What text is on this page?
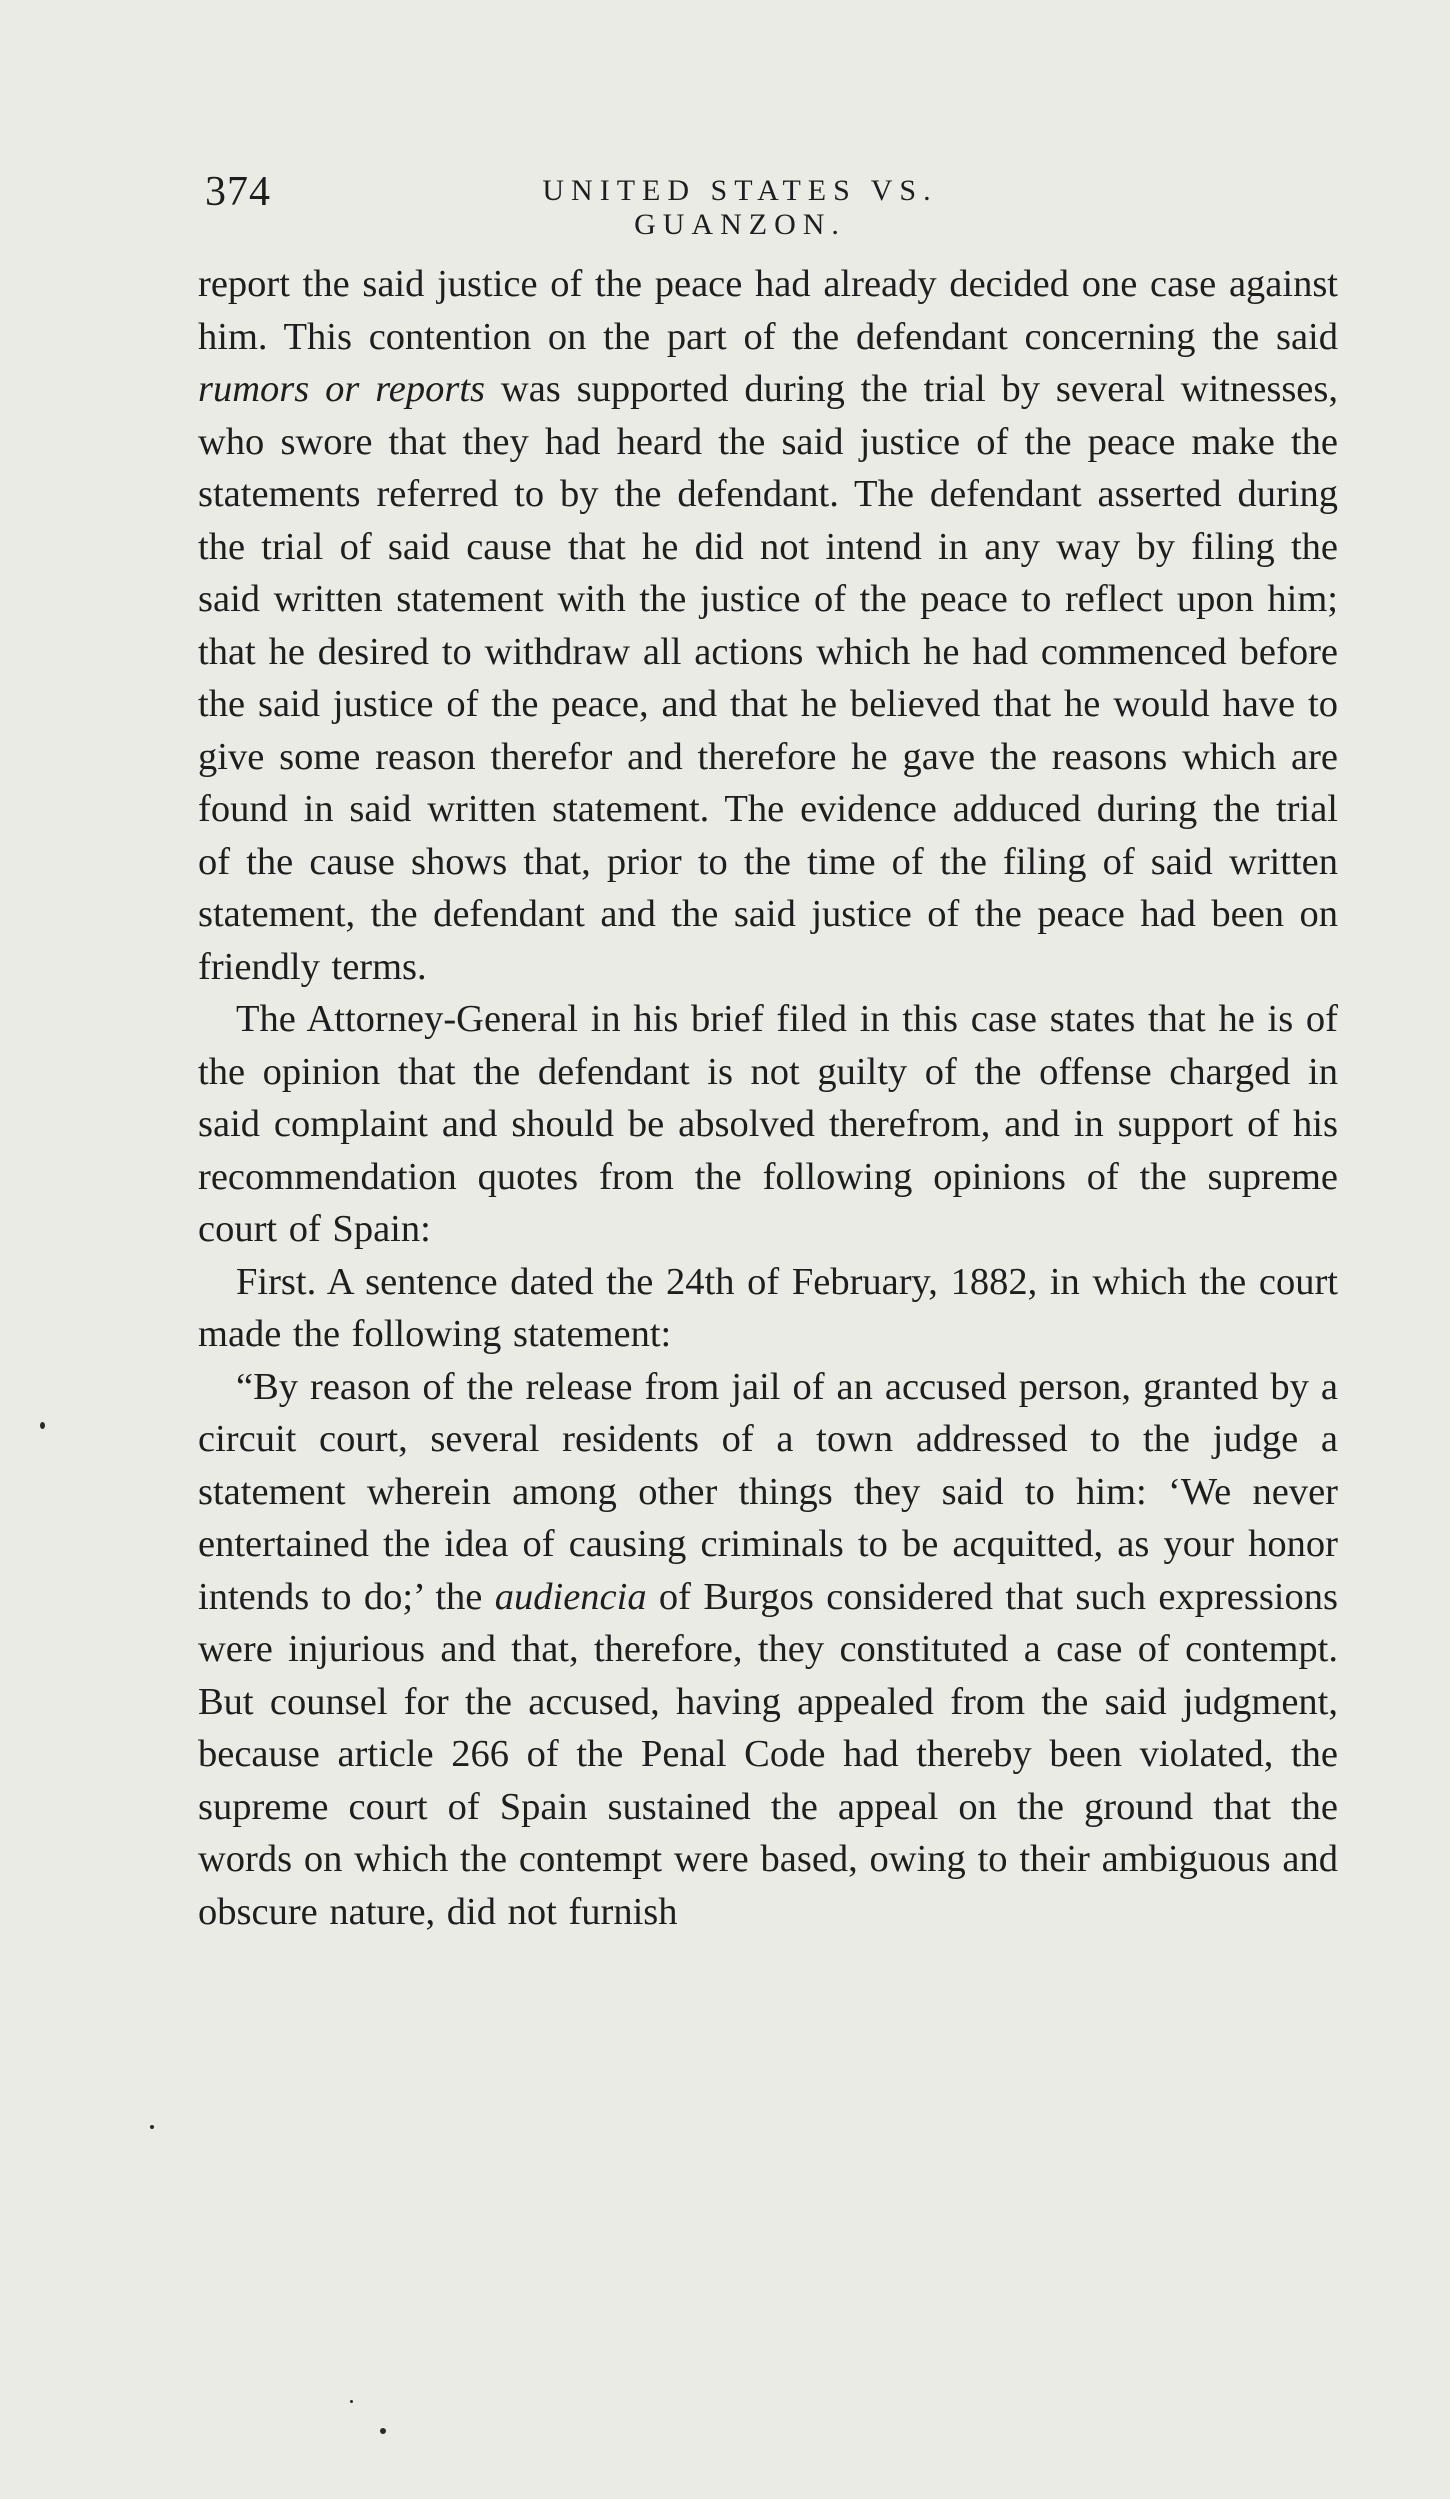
374	UNITED STATES VS. GUANZON.

report the said justice of the peace had already decided one case against him. This contention on the part of the defendant concerning the said rumors or reports was supported during the trial by several witnesses, who swore that they had heard the said justice of the peace make the statements referred to by the defendant. The defendant asserted during the trial of said cause that he did not intend in any way by filing the said written statement with the justice of the peace to reflect upon him; that he desired to withdraw all actions which he had commenced before the said justice of the peace, and that he believed that he would have to give some reason therefor and therefore he gave the reasons which are found in said written statement. The evidence adduced during the trial of the cause shows that, prior to the time of the filing of said written statement, the defendant and the said justice of the peace had been on friendly terms.

The Attorney-General in his brief filed in this case states that he is of the opinion that the defendant is not guilty of the offense charged in said complaint and should be absolved therefrom, and in support of his recommendation quotes from the following opinions of the supreme court of Spain:

First. A sentence dated the 24th of February, 1882, in which the court made the following statement:

“By reason of the release from jail of an accused person, granted by a circuit court, several residents of a town addressed to the judge a statement wherein among other things they said to him: ‘We never entertained the idea of causing criminals to be acquitted, as your honor intends to do;’ the audiencia of Burgos considered that such expressions were injurious and that, therefore, they constituted a case of contempt. But counsel for the accused, having appealed from the said judgment, because article 266 of the Penal Code had thereby been violated, the supreme court of Spain sustained the appeal on the ground that the words on which the contempt were based, owing to their ambiguous and obscure nature, did not furnish
